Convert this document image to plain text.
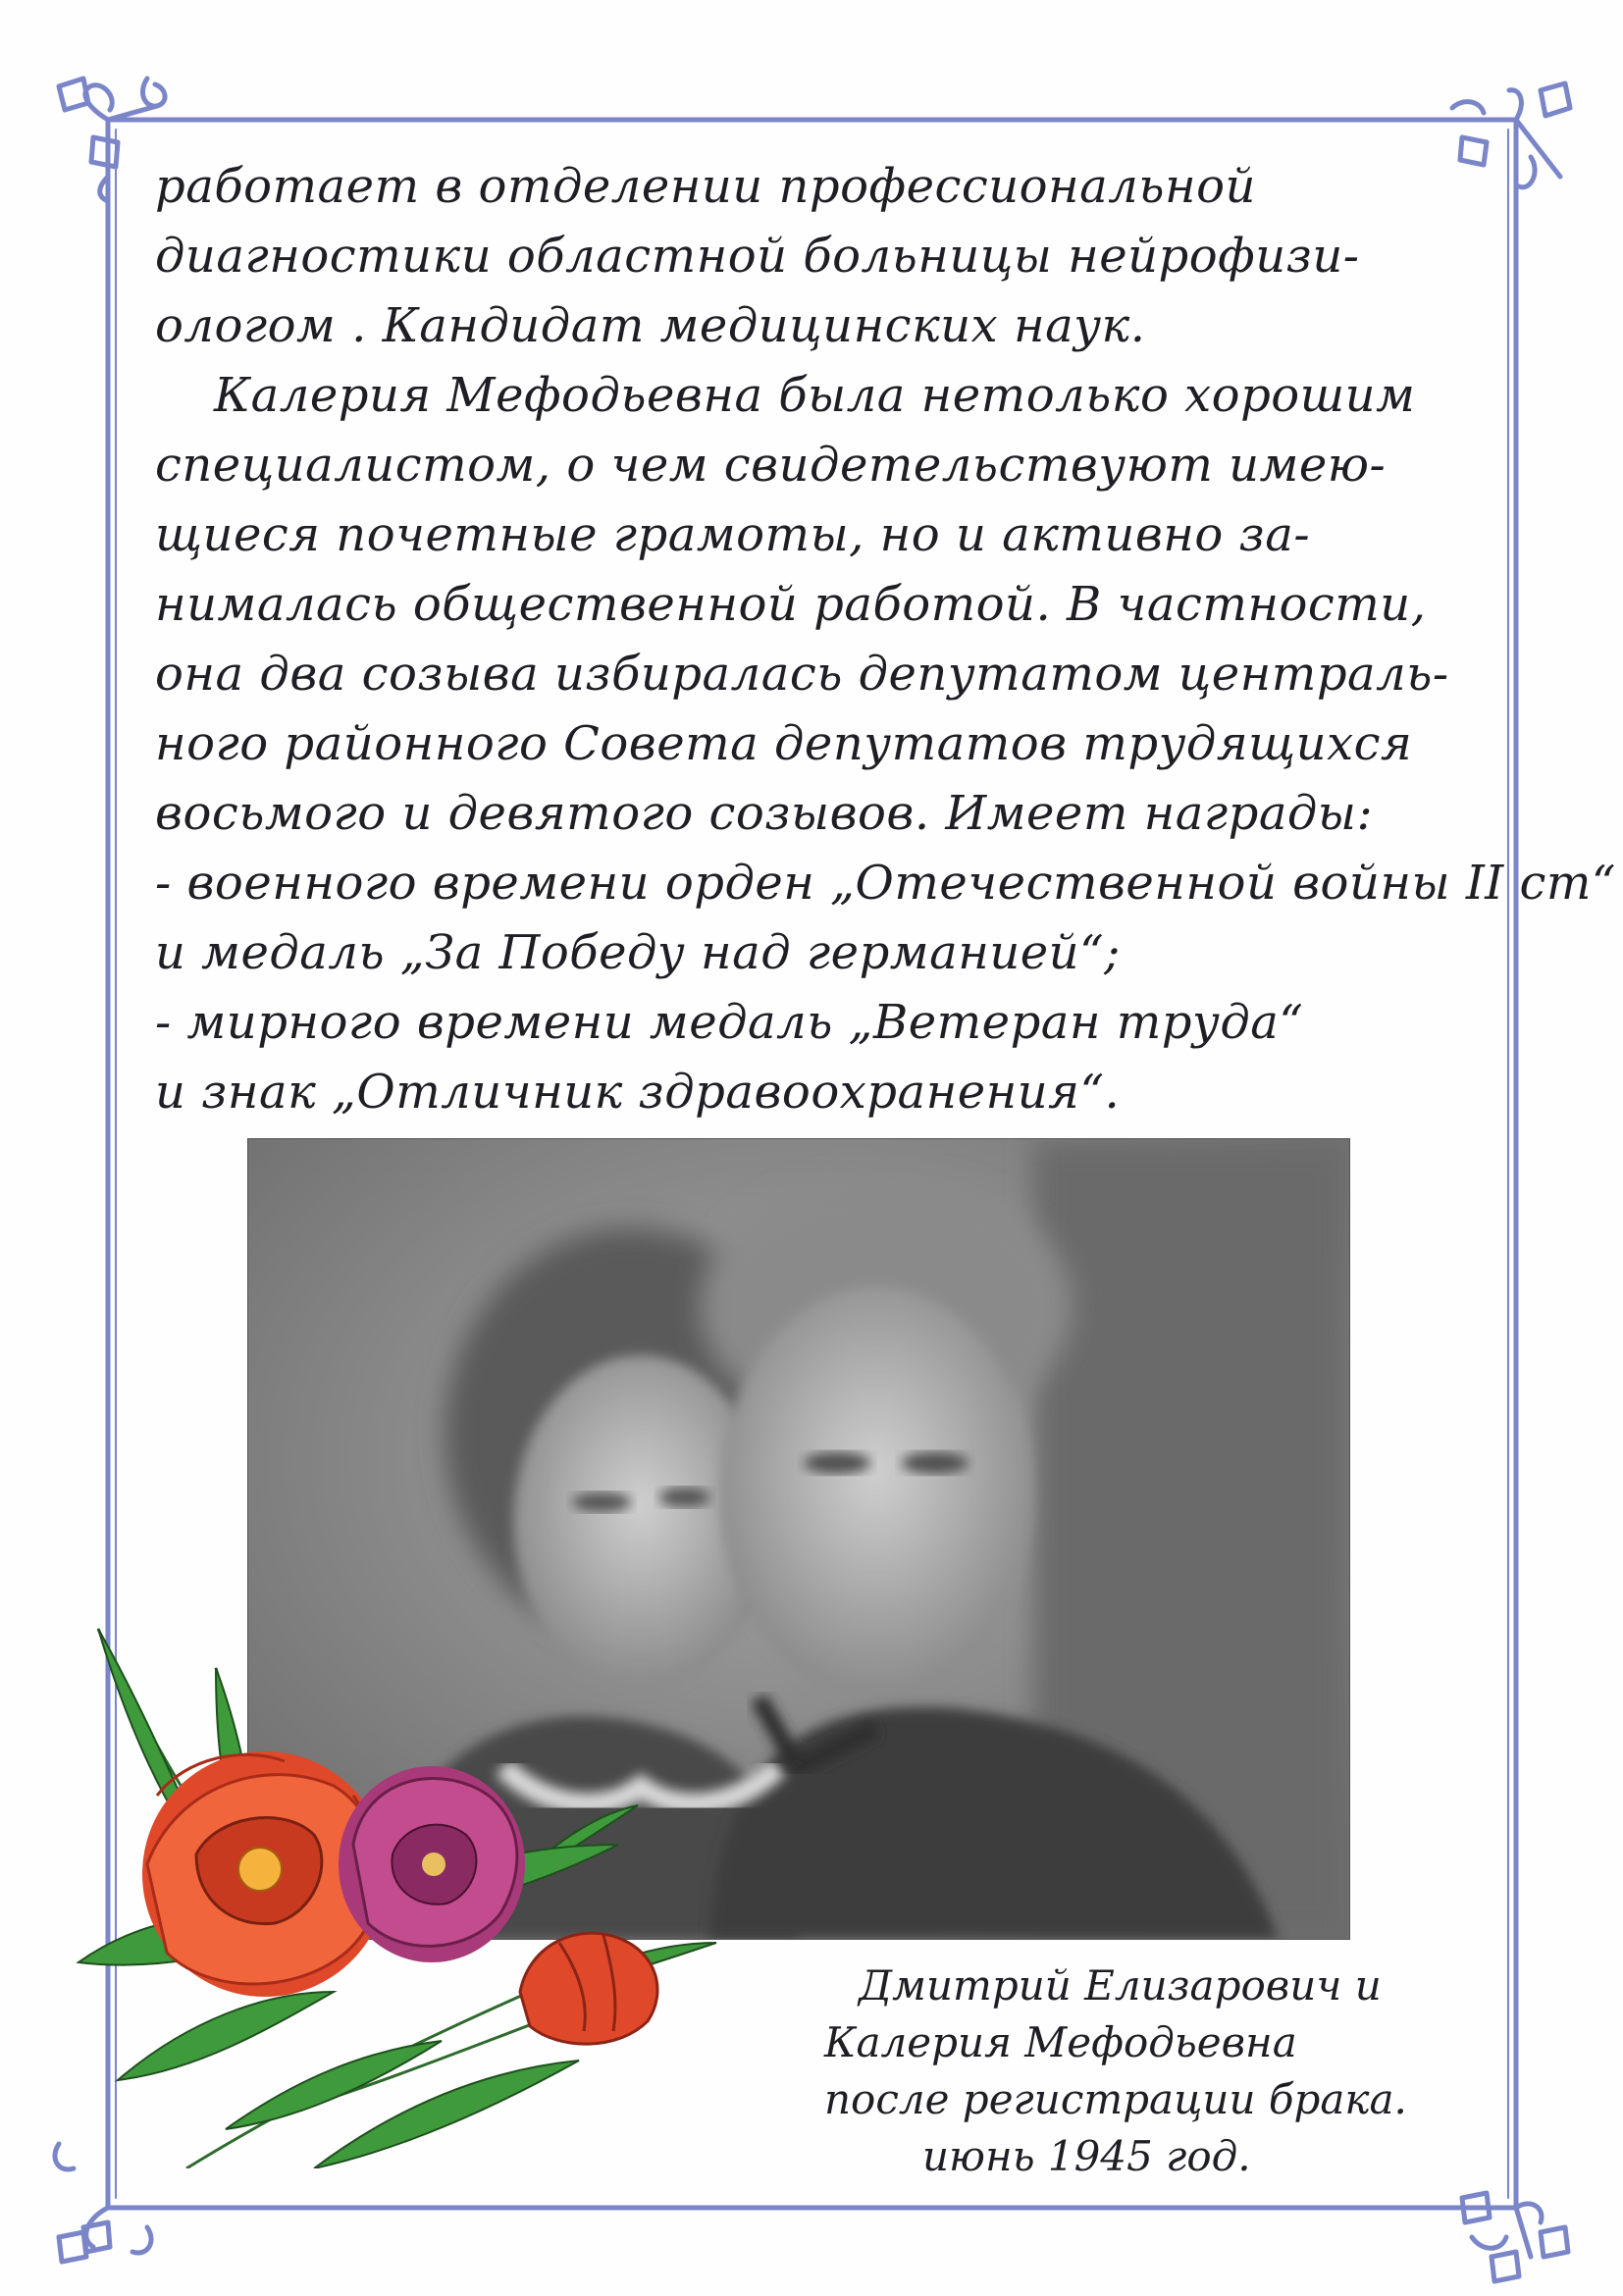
работает в отделении профессиональной
диагностики областной больницы нейрофизи-
ологом . Кандидат медицинских наук.
Калерия Мефодьевна была нетолько хорошим
специалистом, о чем свидетельствуют имею-
щиеся почетные грамоты, но и активно за-
нималась общественной работой. В частности,
она два созыва избиралась депутатом централь-
ного районного Совета депутатов трудящихся
восьмого и девятого созывов. Имеет награды:
- военного времени орден „Отечественной войны II ст“
и медаль „За Победу над германией“;
- мирного времени медаль „Ветеран труда“
и знак „Отличник здравоохранения“.
Дмитрий Елизарович и
Калерия Мефодьевна
после регистрации брака.
июнь 1945 год.
